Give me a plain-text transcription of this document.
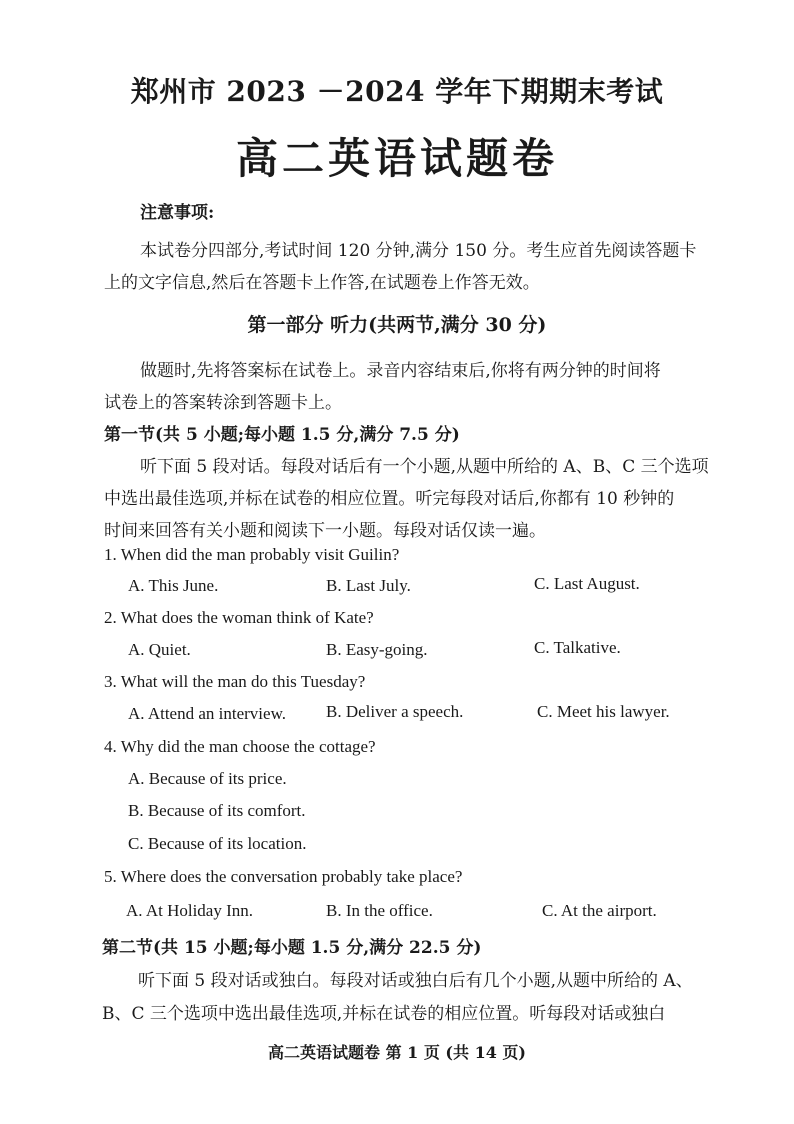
郑州市 2023 －2024 学年下期期末考试
高二英语试题卷
注意事项:
本试卷分四部分,考试时间 120 分钟,满分 150 分。考生应首先阅读答题卡
上的文字信息,然后在答题卡上作答,在试题卷上作答无效。
第一部分 听力(共两节,满分 30 分)
做题时,先将答案标在试卷上。录音内容结束后,你将有两分钟的时间将
试卷上的答案转涂到答题卡上。
第一节(共 5 小题;每小题 1.5 分,满分 7.5 分)
听下面 5 段对话。每段对话后有一个小题,从题中所给的 A、B、C 三个选项
中选出最佳选项,并标在试卷的相应位置。听完每段对话后,你都有 10 秒钟的
时间来回答有关小题和阅读下一小题。每段对话仅读一遍。
1. When did the man probably visit Guilin?
A. This June.	B. Last July.	C. Last August.
2. What does the woman think of Kate?
A. Quiet.	B. Easy-going.	C. Talkative.
3. What will the man do this Tuesday?
A. Attend an interview. B. Deliver a speech.	C. Meet his lawyer.
4. Why did the man choose the cottage?
A. Because of its price.
B. Because of its comfort.
C. Because of its location.
5. Where does the conversation probably take place?
A. At Holiday Inn.	B. In the office.	C. At the airport.
第二节(共 15 小题;每小题 1.5 分,满分 22.5 分)
听下面 5 段对话或独白。每段对话或独白后有几个小题,从题中所给的 A、
B、C 三个选项中选出最佳选项,并标在试卷的相应位置。听每段对话或独白
高二英语试题卷 第 1 页 (共 14 页)
